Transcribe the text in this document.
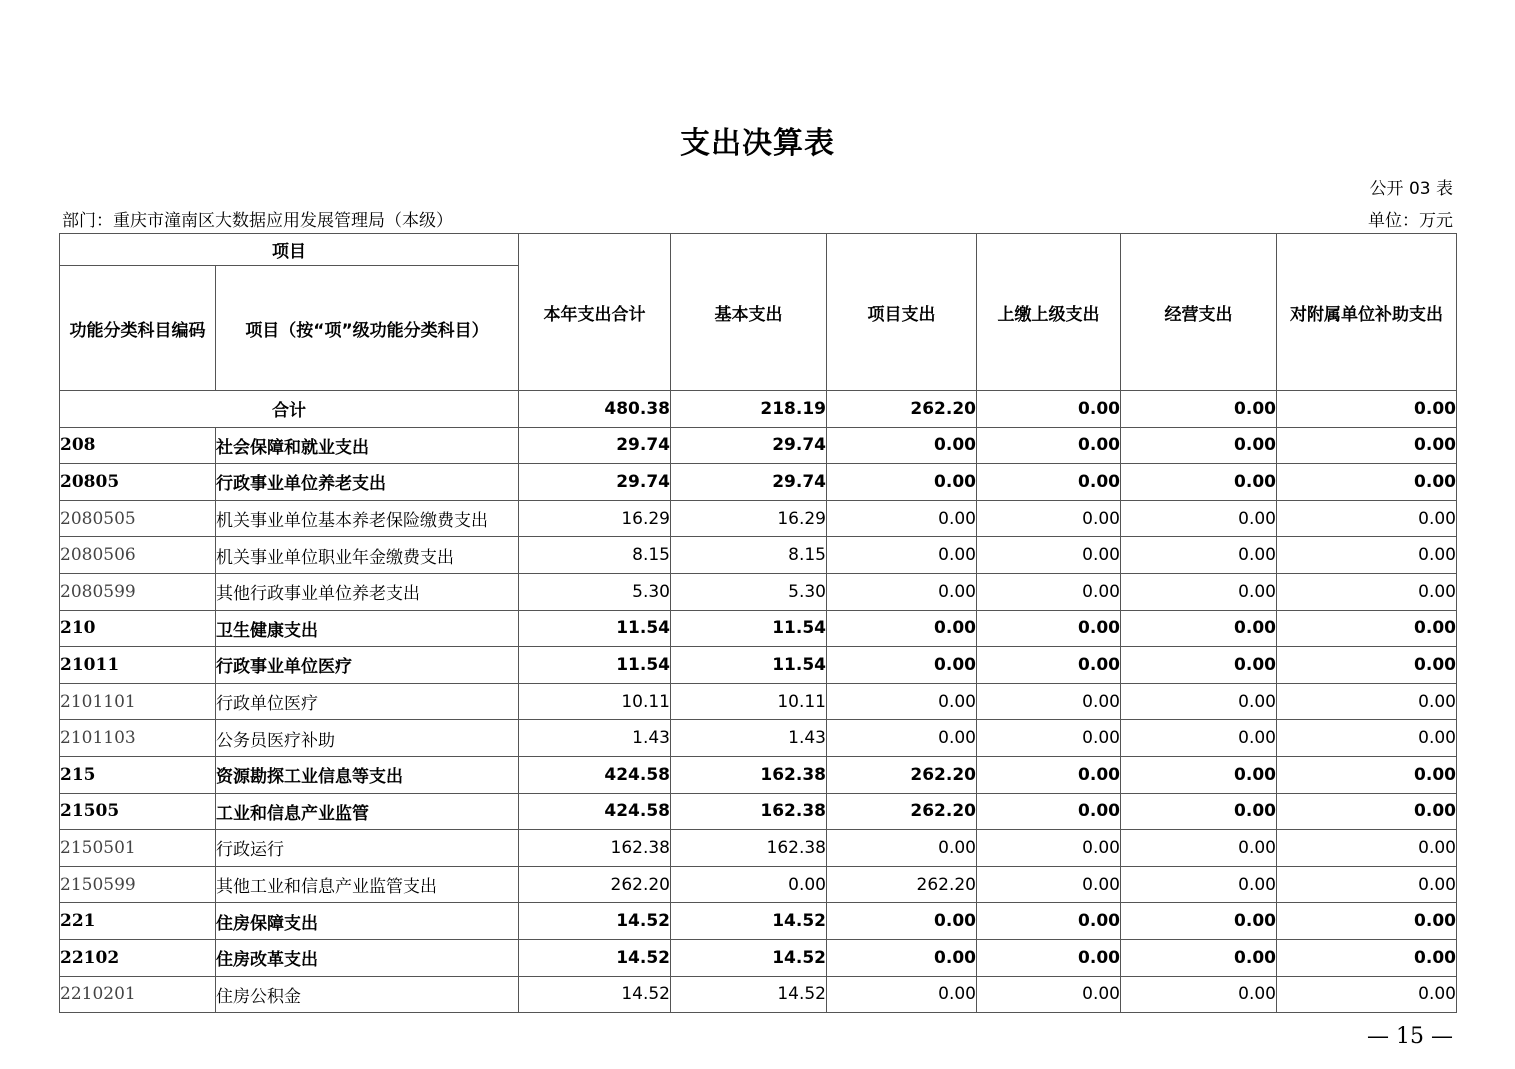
支出决算表
公开 03 表
部门：重庆市潼南区大数据应用发展管理局（本级）	单位：万元
项目		本年支出合计	基本支出	项目支出	上缴上级支出	经营支出	对附属单位补助支出
功能分类科目编码	项目（按“项”级功能分类科目）						
合计		480.38	218.19	262.20	0.00	0.00	0.00
208	社会保障和就业支出	29.74	29.74	0.00	0.00	0.00	0.00
20805	行政事业单位养老支出	29.74	29.74	0.00	0.00	0.00	0.00
2080505	机关事业单位基本养老保险缴费支出	16.29	16.29	0.00	0.00	0.00	0.00
2080506	机关事业单位职业年金缴费支出	8.15	8.15	0.00	0.00	0.00	0.00
2080599	其他行政事业单位养老支出	5.30	5.30	0.00	0.00	0.00	0.00
210	卫生健康支出	11.54	11.54	0.00	0.00	0.00	0.00
21011	行政事业单位医疗	11.54	11.54	0.00	0.00	0.00	0.00
2101101	行政单位医疗	10.11	10.11	0.00	0.00	0.00	0.00
2101103	公务员医疗补助	1.43	1.43	0.00	0.00	0.00	0.00
215	资源勘探工业信息等支出	424.58	162.38	262.20	0.00	0.00	0.00
21505	工业和信息产业监管	424.58	162.38	262.20	0.00	0.00	0.00
2150501	行政运行	162.38	162.38	0.00	0.00	0.00	0.00
2150599	其他工业和信息产业监管支出	262.20	0.00	262.20	0.00	0.00	0.00
221	住房保障支出	14.52	14.52	0.00	0.00	0.00	0.00
22102	住房改革支出	14.52	14.52	0.00	0.00	0.00	0.00
2210201	住房公积金	14.52	14.52	0.00	0.00	0.00	0.00
— 15 —
